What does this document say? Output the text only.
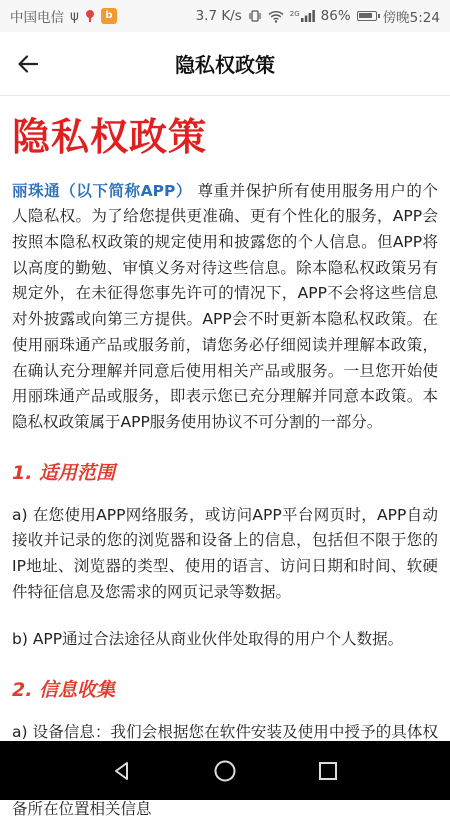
中国电信 ψ	b	3.7 K/s	2G 86% 傍晚5:24
隐私权政策
隐私权政策

丽珠通（以下简称APP） 尊重并保护所有使用服务用户的个人隐私权。为了给您提供更准确、更有个性化的服务，APP会按照本隐私权政策的规定使用和披露您的个人信息。但APP将以高度的勤勉、审慎义务对待这些信息。除本隐私权政策另有规定外，在未征得您事先许可的情况下，APP不会将这些信息对外披露或向第三方提供。APP会不时更新本隐私权政策。在使用丽珠通产品或服务前，请您务必仔细阅读并理解本政策，在确认充分理解并同意后使用相关产品或服务。一旦您开始使用丽珠通产品或服务，即表示您已充分理解并同意本政策。本隐私权政策属于APP服务使用协议不可分割的一部分。

1. 适用范围

a) 在您使用APP网络服务，或访问APP平台网页时，APP自动接收并记录的您的浏览器和设备上的信息，包括但不限于您的IP地址、浏览器的类型、使用的语言、访问日期和时间、软硬件特征信息及您需求的网页记录等数据。

b) APP通过合法途径从商业伙伴处取得的用户个人数据。

2. 信息收集

a) 设备信息：我们会根据您在软件安装及使用中授予的具体权 备所在位置相关信息
